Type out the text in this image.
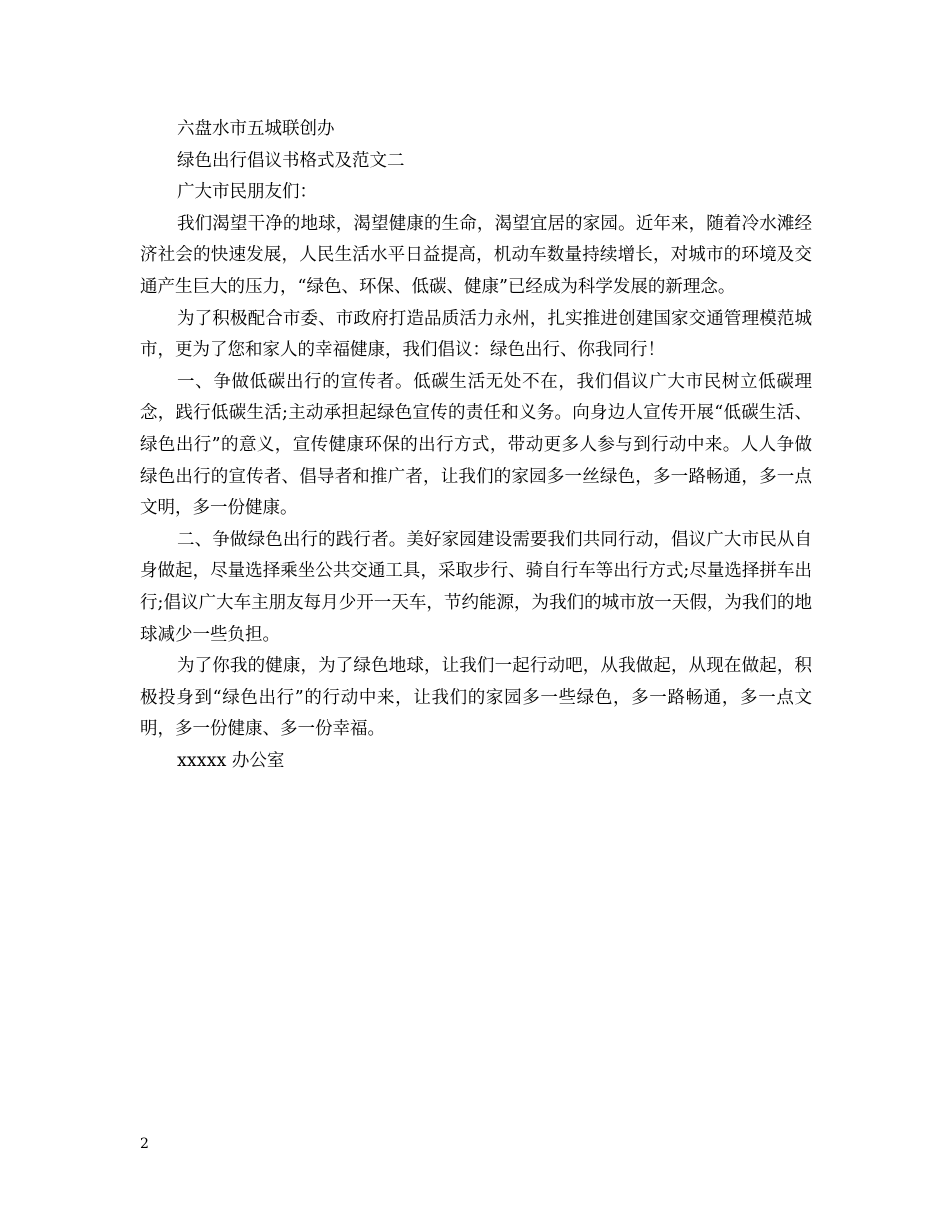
六盘水市五城联创办

绿色出行倡议书格式及范文二

广大市民朋友们：

我们渴望干净的地球，渴望健康的生命，渴望宜居的家园。近年来，随着冷水滩经济社会的快速发展，人民生活水平日益提高，机动车数量持续增长，对城市的环境及交通产生巨大的压力，“绿色、环保、低碳、健康”已经成为科学发展的新理念。

为了积极配合市委、市政府打造品质活力永州，扎实推进创建国家交通管理模范城市，更为了您和家人的幸福健康，我们倡议：绿色出行、你我同行！

一、争做低碳出行的宣传者。低碳生活无处不在，我们倡议广大市民树立低碳理念，践行低碳生活;主动承担起绿色宣传的责任和义务。向身边人宣传开展“低碳生活、绿色出行”的意义，宣传健康环保的出行方式，带动更多人参与到行动中来。人人争做绿色出行的宣传者、倡导者和推广者，让我们的家园多一丝绿色，多一路畅通，多一点文明，多一份健康。

二、争做绿色出行的践行者。美好家园建设需要我们共同行动，倡议广大市民从自身做起，尽量选择乘坐公共交通工具，采取步行、骑自行车等出行方式;尽量选择拼车出行;倡议广大车主朋友每月少开一天车，节约能源，为我们的城市放一天假，为我们的地球减少一些负担。

为了你我的健康，为了绿色地球，让我们一起行动吧，从我做起，从现在做起，积极投身到“绿色出行”的行动中来，让我们的家园多一些绿色，多一路畅通，多一点文明，多一份健康、多一份幸福。

xxxxx 办公室

2
